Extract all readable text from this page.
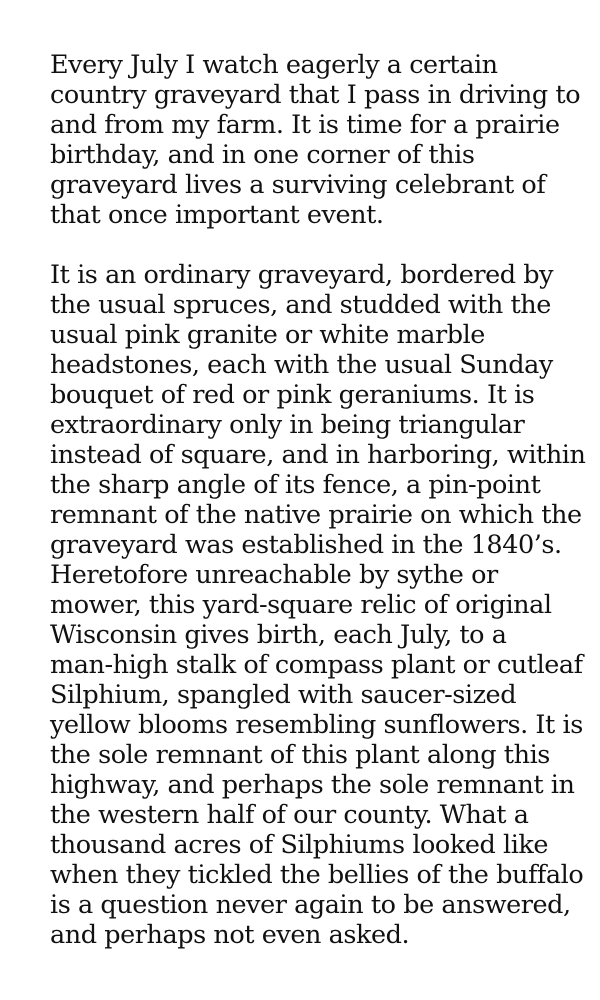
Every July I watch eagerly a certain
country graveyard that I pass in driving to
and from my farm. It is time for a prairie
birthday, and in one corner of this
graveyard lives a surviving celebrant of
that once important event.

It is an ordinary graveyard, bordered by
the usual spruces, and studded with the
usual pink granite or white marble
headstones, each with the usual Sunday
bouquet of red or pink geraniums. It is
extraordinary only in being triangular
instead of square, and in harboring, within
the sharp angle of its fence, a pin-point
remnant of the native prairie on which the
graveyard was established in the 1840’s.
Heretofore unreachable by sythe or
mower, this yard-square relic of original
Wisconsin gives birth, each July, to a
man-high stalk of compass plant or cutleaf
Silphium, spangled with saucer-sized
yellow blooms resembling sunflowers. It is
the sole remnant of this plant along this
highway, and perhaps the sole remnant in
the western half of our county. What a
thousand acres of Silphiums looked like
when they tickled the bellies of the buffalo
is a question never again to be answered,
and perhaps not even asked.
